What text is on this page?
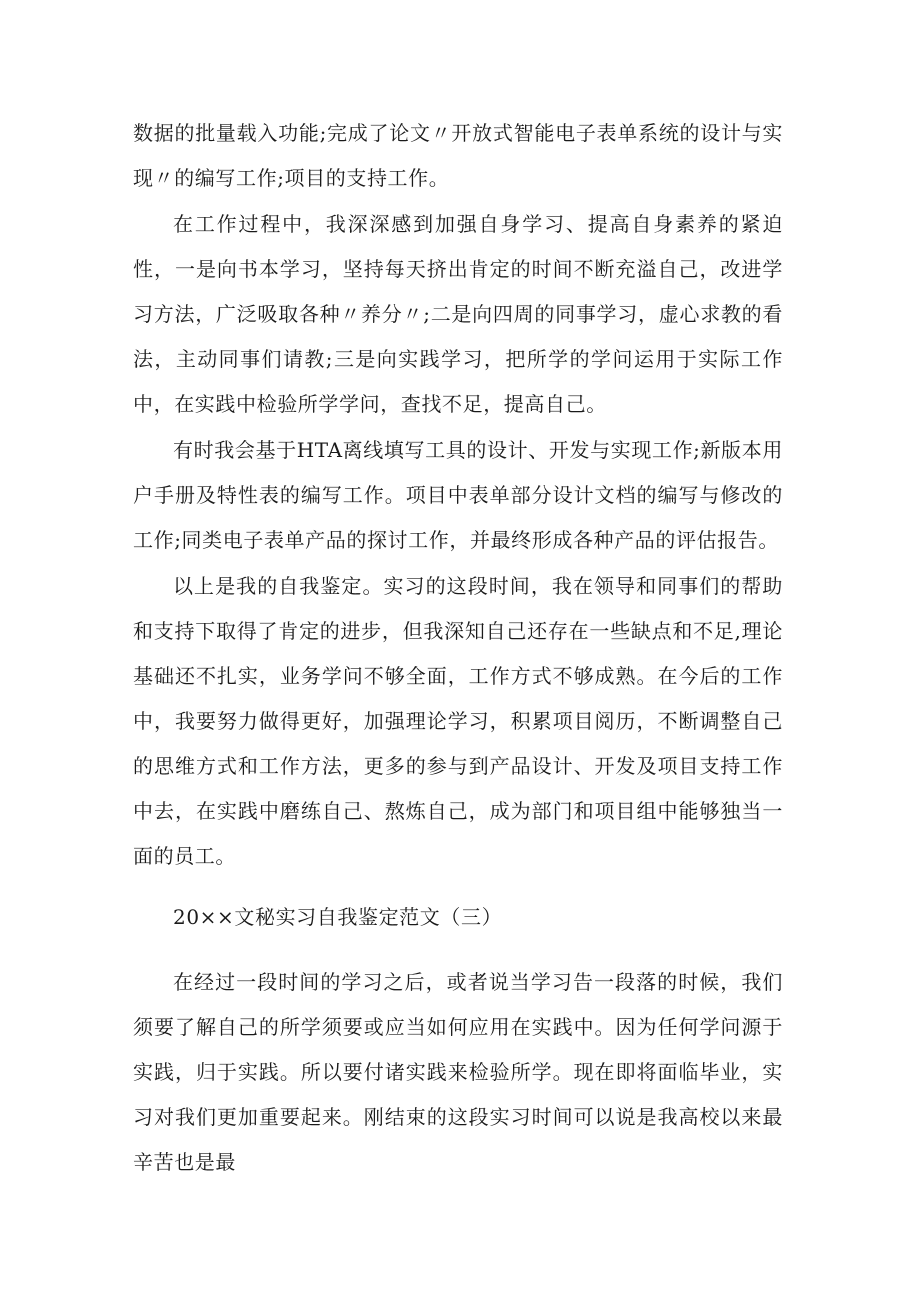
数据的批量载入功能;完成了论文〃开放式智能电子表单系统的设计与实现〃的编写工作;项目的支持工作。

在工作过程中，我深深感到加强自身学习、提高自身素养的紧迫性，一是向书本学习，坚持每天挤出肯定的时间不断充溢自己，改进学习方法，广泛吸取各种〃养分〃;二是向四周的同事学习，虚心求教的看法，主动同事们请教;三是向实践学习，把所学的学问运用于实际工作中，在实践中检验所学学问，查找不足，提高自己。

有时我会基于HTA离线填写工具的设计、开发与实现工作;新版本用户手册及特性表的编写工作。项目中表单部分设计文档的编写与修改的工作;同类电子表单产品的探讨工作，并最终形成各种产品的评估报告。

以上是我的自我鉴定。实习的这段时间，我在领导和同事们的帮助和支持下取得了肯定的进步，但我深知自己还存在一些缺点和不足,理论基础还不扎实，业务学问不够全面，工作方式不够成熟。在今后的工作中，我要努力做得更好，加强理论学习，积累项目阅历，不断调整自己的思维方式和工作方法，更多的参与到产品设计、开发及项目支持工作中去，在实践中磨练自己、熬炼自己，成为部门和项目组中能够独当一面的员工。

20××文秘实习自我鉴定范文（三）

在经过一段时间的学习之后，或者说当学习告一段落的时候，我们须要了解自己的所学须要或应当如何应用在实践中。因为任何学问源于实践，归于实践。所以要付诸实践来检验所学。现在即将面临毕业，实习对我们更加重要起来。刚结束的这段实习时间可以说是我高校以来最辛苦也是最
